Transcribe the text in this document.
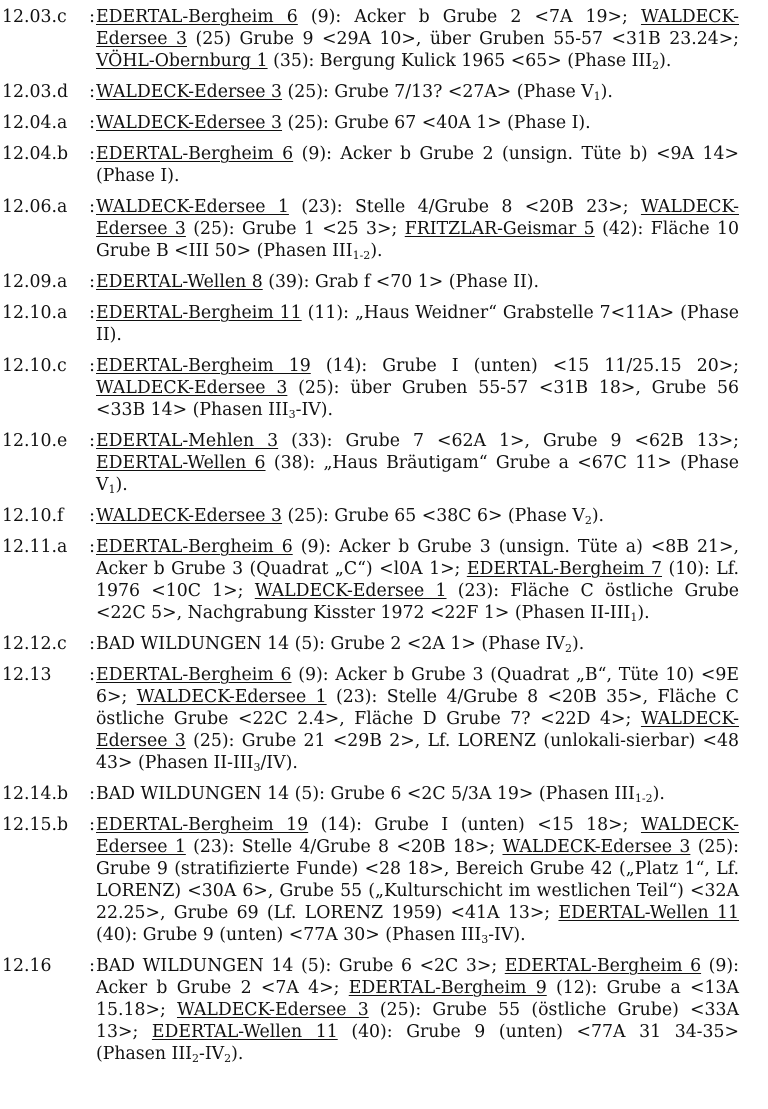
12.03.c : EDERTAL-Bergheim 6 (9): Acker b Grube 2 <7A 19>; WALDECK-Edersee 3 (25) Grube 9 <29A 10>, über Gruben 55-57 <31B 23.24>; VÖHL-Obernburg 1 (35): Bergung Kulick 1965 <65> (Phase $III_2$).
12.03.d : WALDECK-Edersee 3 (25): Grube 7/13? <27A> (Phase $V_1$).
12.04.a : WALDECK-Edersee 3 (25): Grube 67 <40A 1> (Phase I).
12.04.b : EDERTAL-Bergheim 6 (9): Acker b Grube 2 (unsign. Tüte b) <9A 14> (Phase I).
12.06.a : WALDECK-Edersee 1 (23): Stelle 4/Grube 8 <20B 23>; WALDECK-Edersee 3 (25): Grube 1 <25 3>; FRITZLAR-Geismar 5 (42): Fläche 10 Grube B <III 50> (Phasen $III_{1-2}$).
12.09.a : EDERTAL-Wellen 8 (39): Grab f <70 1> (Phase II).
12.10.a : EDERTAL-Bergheim 11 (11): „Haus Weidner“ Grabstelle 7<11A> (Phase II).
12.10.c : EDERTAL-Bergheim 19 (14): Grube I (unten) <15 11/25.15 20>; WALDECK-Edersee 3 (25): über Gruben 55-57 <31B 18>, Grube 56 <33B 14> (Phasen $III_3-IV$).
12.10.e : EDERTAL-Mehlen 3 (33): Grube 7 <62A 1>, Grube 9 <62B 13>; EDERTAL-Wellen 6 (38): „Haus Bräutigam“ Grube a <67C 11> (Phase $V_1$).
12.10.f : WALDECK-Edersee 3 (25): Grube 65 <38C 6> (Phase $V_2$).
12.11.a : EDERTAL-Bergheim 6 (9): Acker b Grube 3 (unsign. Tüte a) <8B 21>, Acker b Grube 3 (Quadrat „C“) <l0A 1>; EDERTAL-Bergheim 7 (10): Lf. 1976 <10C 1>; WALDECK-Edersee 1 (23): Fläche C östliche Grube <22C 5>, Nachgrabung Kisster 1972 <22F 1> (Phasen $II-III_1$).
12.12.c : BAD WILDUNGEN 14 (5): Grube 2 <2A 1> (Phase $IV_2$).
12.13 : EDERTAL-Bergheim 6 (9): Acker b Grube 3 (Quadrat „B“, Tüte 10) <9E 6>; WALDECK-Edersee 1 (23): Stelle 4/Grube 8 <20B 35>, Fläche C östliche Grube <22C 2.4>, Fläche D Grube 7? <22D 4>; WALDECK-Edersee 3 (25): Grube 21 <29B 2>, Lf. LORENZ (unlokali-sierbar) <48 43> (Phasen $II-III_3/IV$).
12.14.b : BAD WILDUNGEN 14 (5): Grube 6 <2C 5/3A 19> (Phasen $III_{1-2}$).
12.15.b : EDERTAL-Bergheim 19 (14): Grube I (unten) <15 18>; WALDECK-Edersee 1 (23): Stelle 4/Grube 8 <20B 18>; WALDECK-Edersee 3 (25): Grube 9 (stratifizierte Funde) <28 18>, Bereich Grube 42 („Platz 1“, Lf. LORENZ) <30A 6>, Grube 55 („Kulturschicht im westlichen Teil“) <32A 22.25>, Grube 69 (Lf. LORENZ 1959) <41A 13>; EDERTAL-Wellen 11 (40): Grube 9 (unten) <77A 30> (Phasen $III_3-IV$).
12.16 : BAD WILDUNGEN 14 (5): Grube 6 <2C 3>; EDERTAL-Bergheim 6 (9): Acker b Grube 2 <7A 4>; EDERTAL-Bergheim 9 (12): Grube a <13A 15.18>; WALDECK-Edersee 3 (25): Grube 55 (östliche Grube) <33A 13>; EDERTAL-Wellen 11 (40): Grube 9 (unten) <77A 31 34-35> (Phasen $III_2-IV_2$).
